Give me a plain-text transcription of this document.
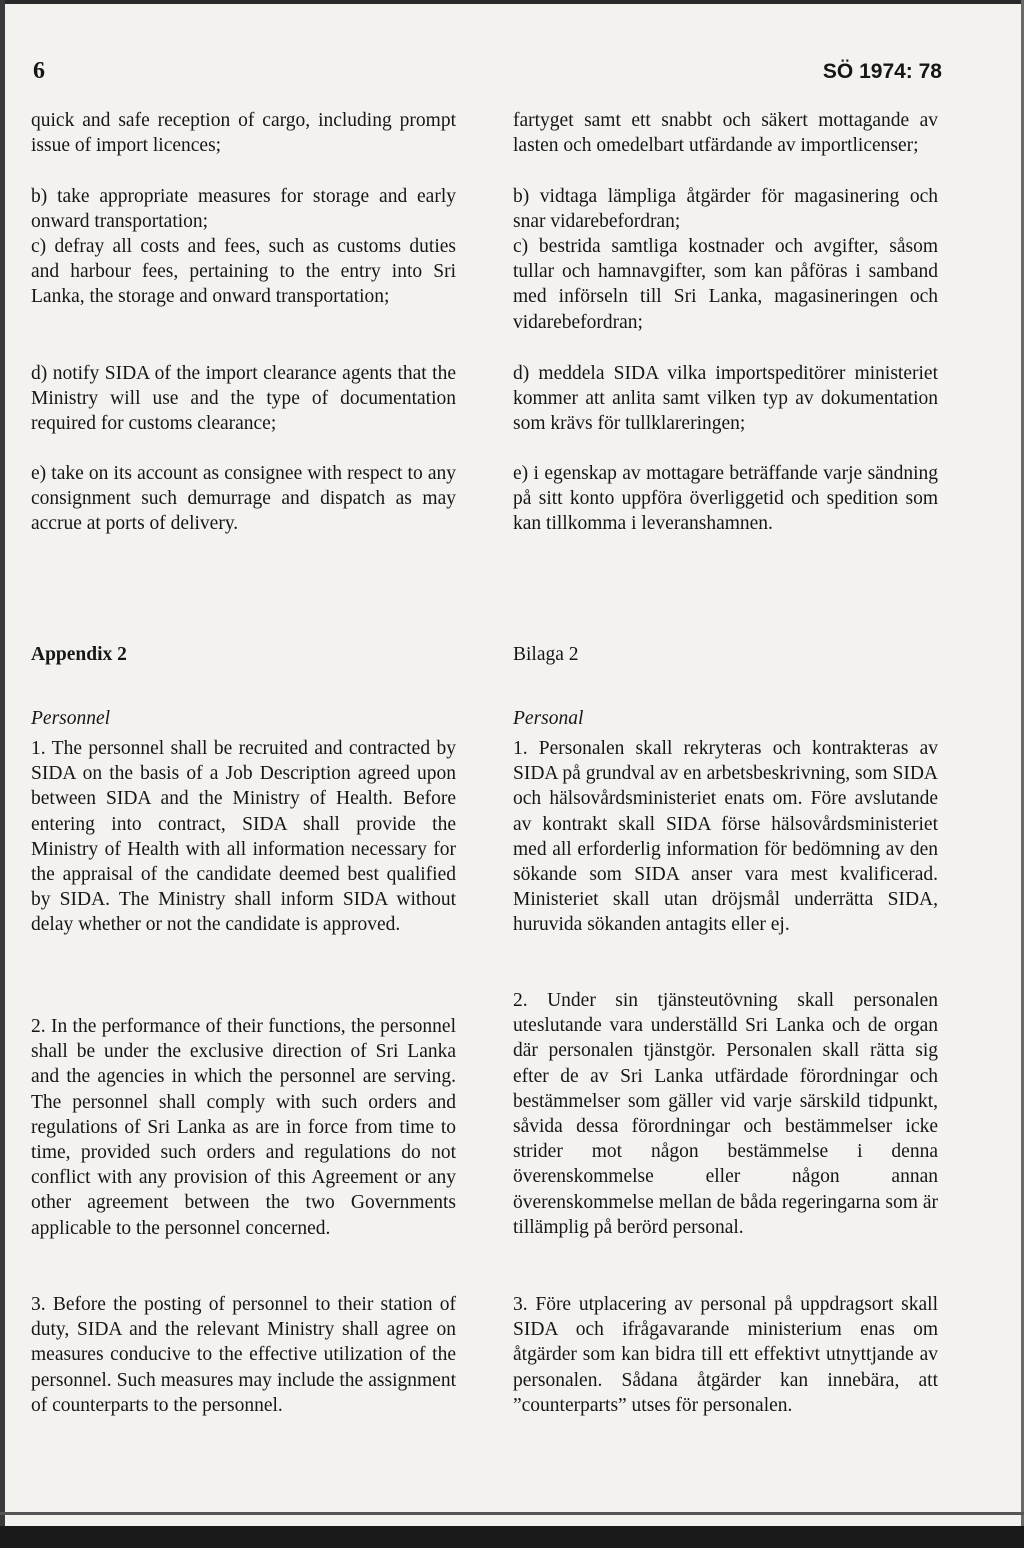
6	SÖ 1974: 78

quick and safe reception of cargo, including prompt issue of import licences;

b) take appropriate measures for storage and early onward transportation;

c) defray all costs and fees, such as customs duties and harbour fees, pertaining to the entry into Sri Lanka, the storage and onward transportation;

d) notify SIDA of the import clearance agents that the Ministry will use and the type of documentation required for customs clearance;

e) take on its account as consignee with respect to any consignment such demurrage and dispatch as may accrue at ports of delivery.

Appendix 2

Personnel

1. The personnel shall be recruited and contracted by SIDA on the basis of a Job Description agreed upon between SIDA and the Ministry of Health. Before entering into contract, SIDA shall provide the Ministry of Health with all information necessary for the appraisal of the candidate deemed best qualified by SIDA. The Ministry shall inform SIDA without delay whether or not the candidate is approved.

2. In the performance of their functions, the personnel shall be under the exclusive direction of Sri Lanka and the agencies in which the personnel are serving. The personnel shall comply with such orders and regulations of Sri Lanka as are in force from time to time, provided such orders and regulations do not conflict with any provision of this Agreement or any other agreement between the two Governments applicable to the personnel concerned.

3. Before the posting of personnel to their station of duty, SIDA and the relevant Ministry shall agree on measures conducive to the effective utilization of the personnel. Such measures may include the assignment of counterparts to the personnel.

fartyget samt ett snabbt och säkert mottagande av lasten och omedelbart utfärdande av importlicenser;

b) vidtaga lämpliga åtgärder för magasinering och snar vidarebefordran;

c) bestrida samtliga kostnader och avgifter, såsom tullar och hamnavgifter, som kan påföras i samband med införseln till Sri Lanka, magasineringen och vidarebefordran;

d) meddela SIDA vilka importspeditörer ministeriet kommer att anlita samt vilken typ av dokumentation som krävs för tullklareringen;

e) i egenskap av mottagare beträffande varje sändning på sitt konto uppföra överliggetid och spedition som kan tillkomma i leveranshamnen.

Bilaga 2

Personal

1. Personalen skall rekryteras och kontrakteras av SIDA på grundval av en arbetsbeskrivning, som SIDA och hälsovårdsministeriet enats om. Före avslutande av kontrakt skall SIDA förse hälsovårdsministeriet med all erforderlig information för bedömning av den sökande som SIDA anser vara mest kvalificerad. Ministeriet skall utan dröjsmål underrätta SIDA, huruvida sökanden antagits eller ej.

2. Under sin tjänsteutövning skall personalen uteslutande vara underställd Sri Lanka och de organ där personalen tjänstgör. Personalen skall rätta sig efter de av Sri Lanka utfärdade förordningar och bestämmelser som gäller vid varje särskild tidpunkt, såvida dessa förordningar och bestämmelser icke strider mot någon bestämmelse i denna överenskommelse eller någon annan överenskommelse mellan de båda regeringarna som är tillämplig på berörd personal.

3. Före utplacering av personal på uppdragsort skall SIDA och ifrågavarande ministerium enas om åtgärder som kan bidra till ett effektivt utnyttjande av personalen. Sådana åtgärder kan innebära, att ”counterparts” utses för personalen.
